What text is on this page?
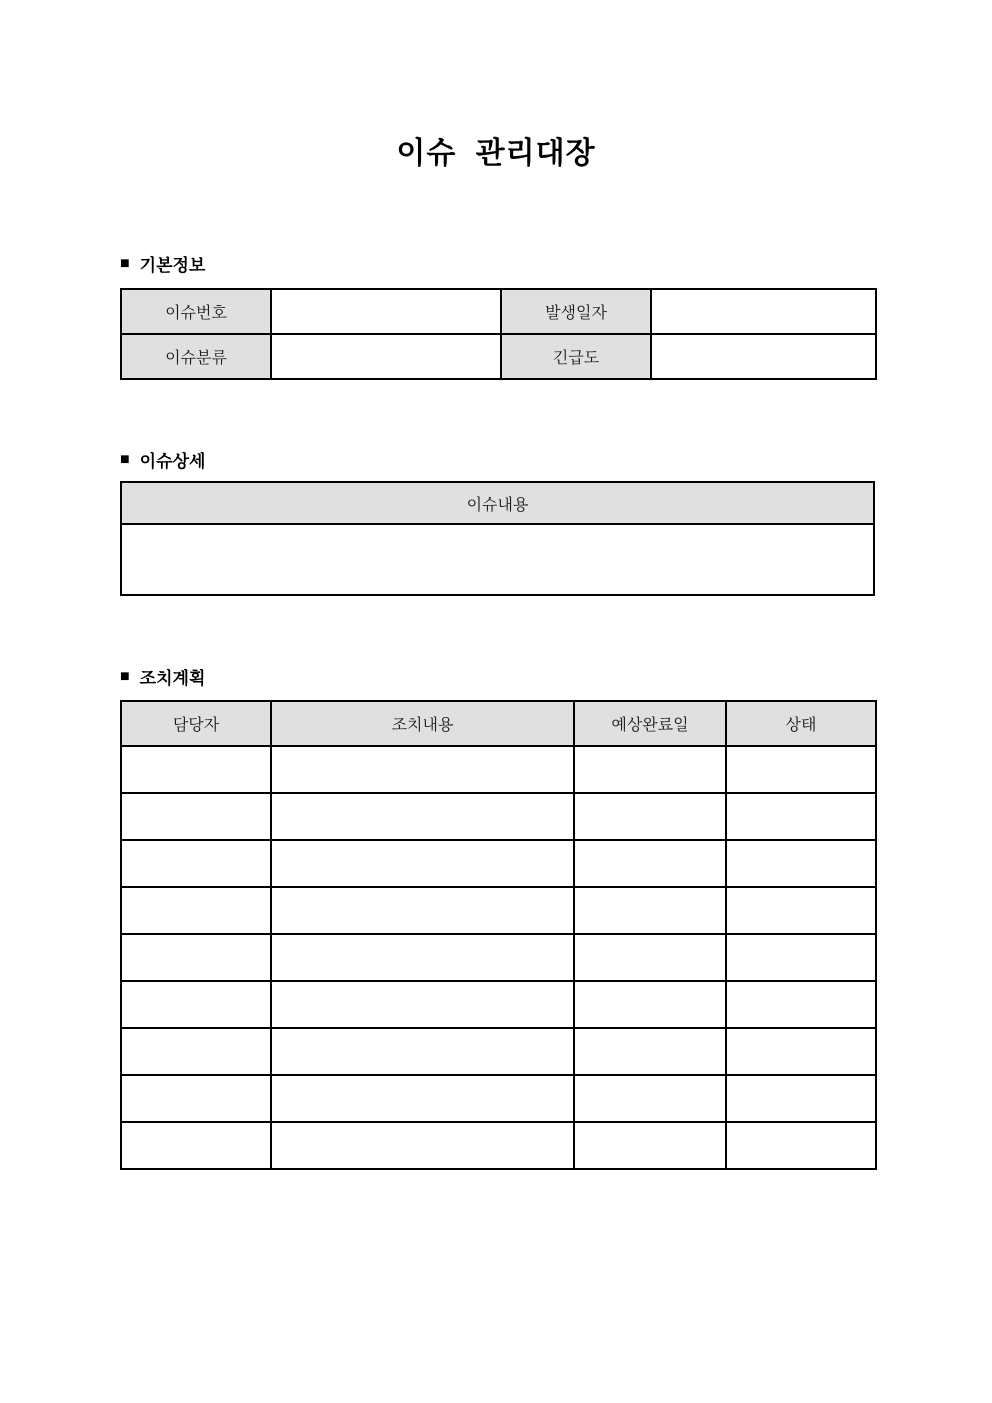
이슈 관리대장
■ 기본정보
이슈번호		발생일자	
이슈분류		긴급도	
■ 이슈상세
이슈내용

■ 조치계획
담당자	조치내용	예상완료일	상태
